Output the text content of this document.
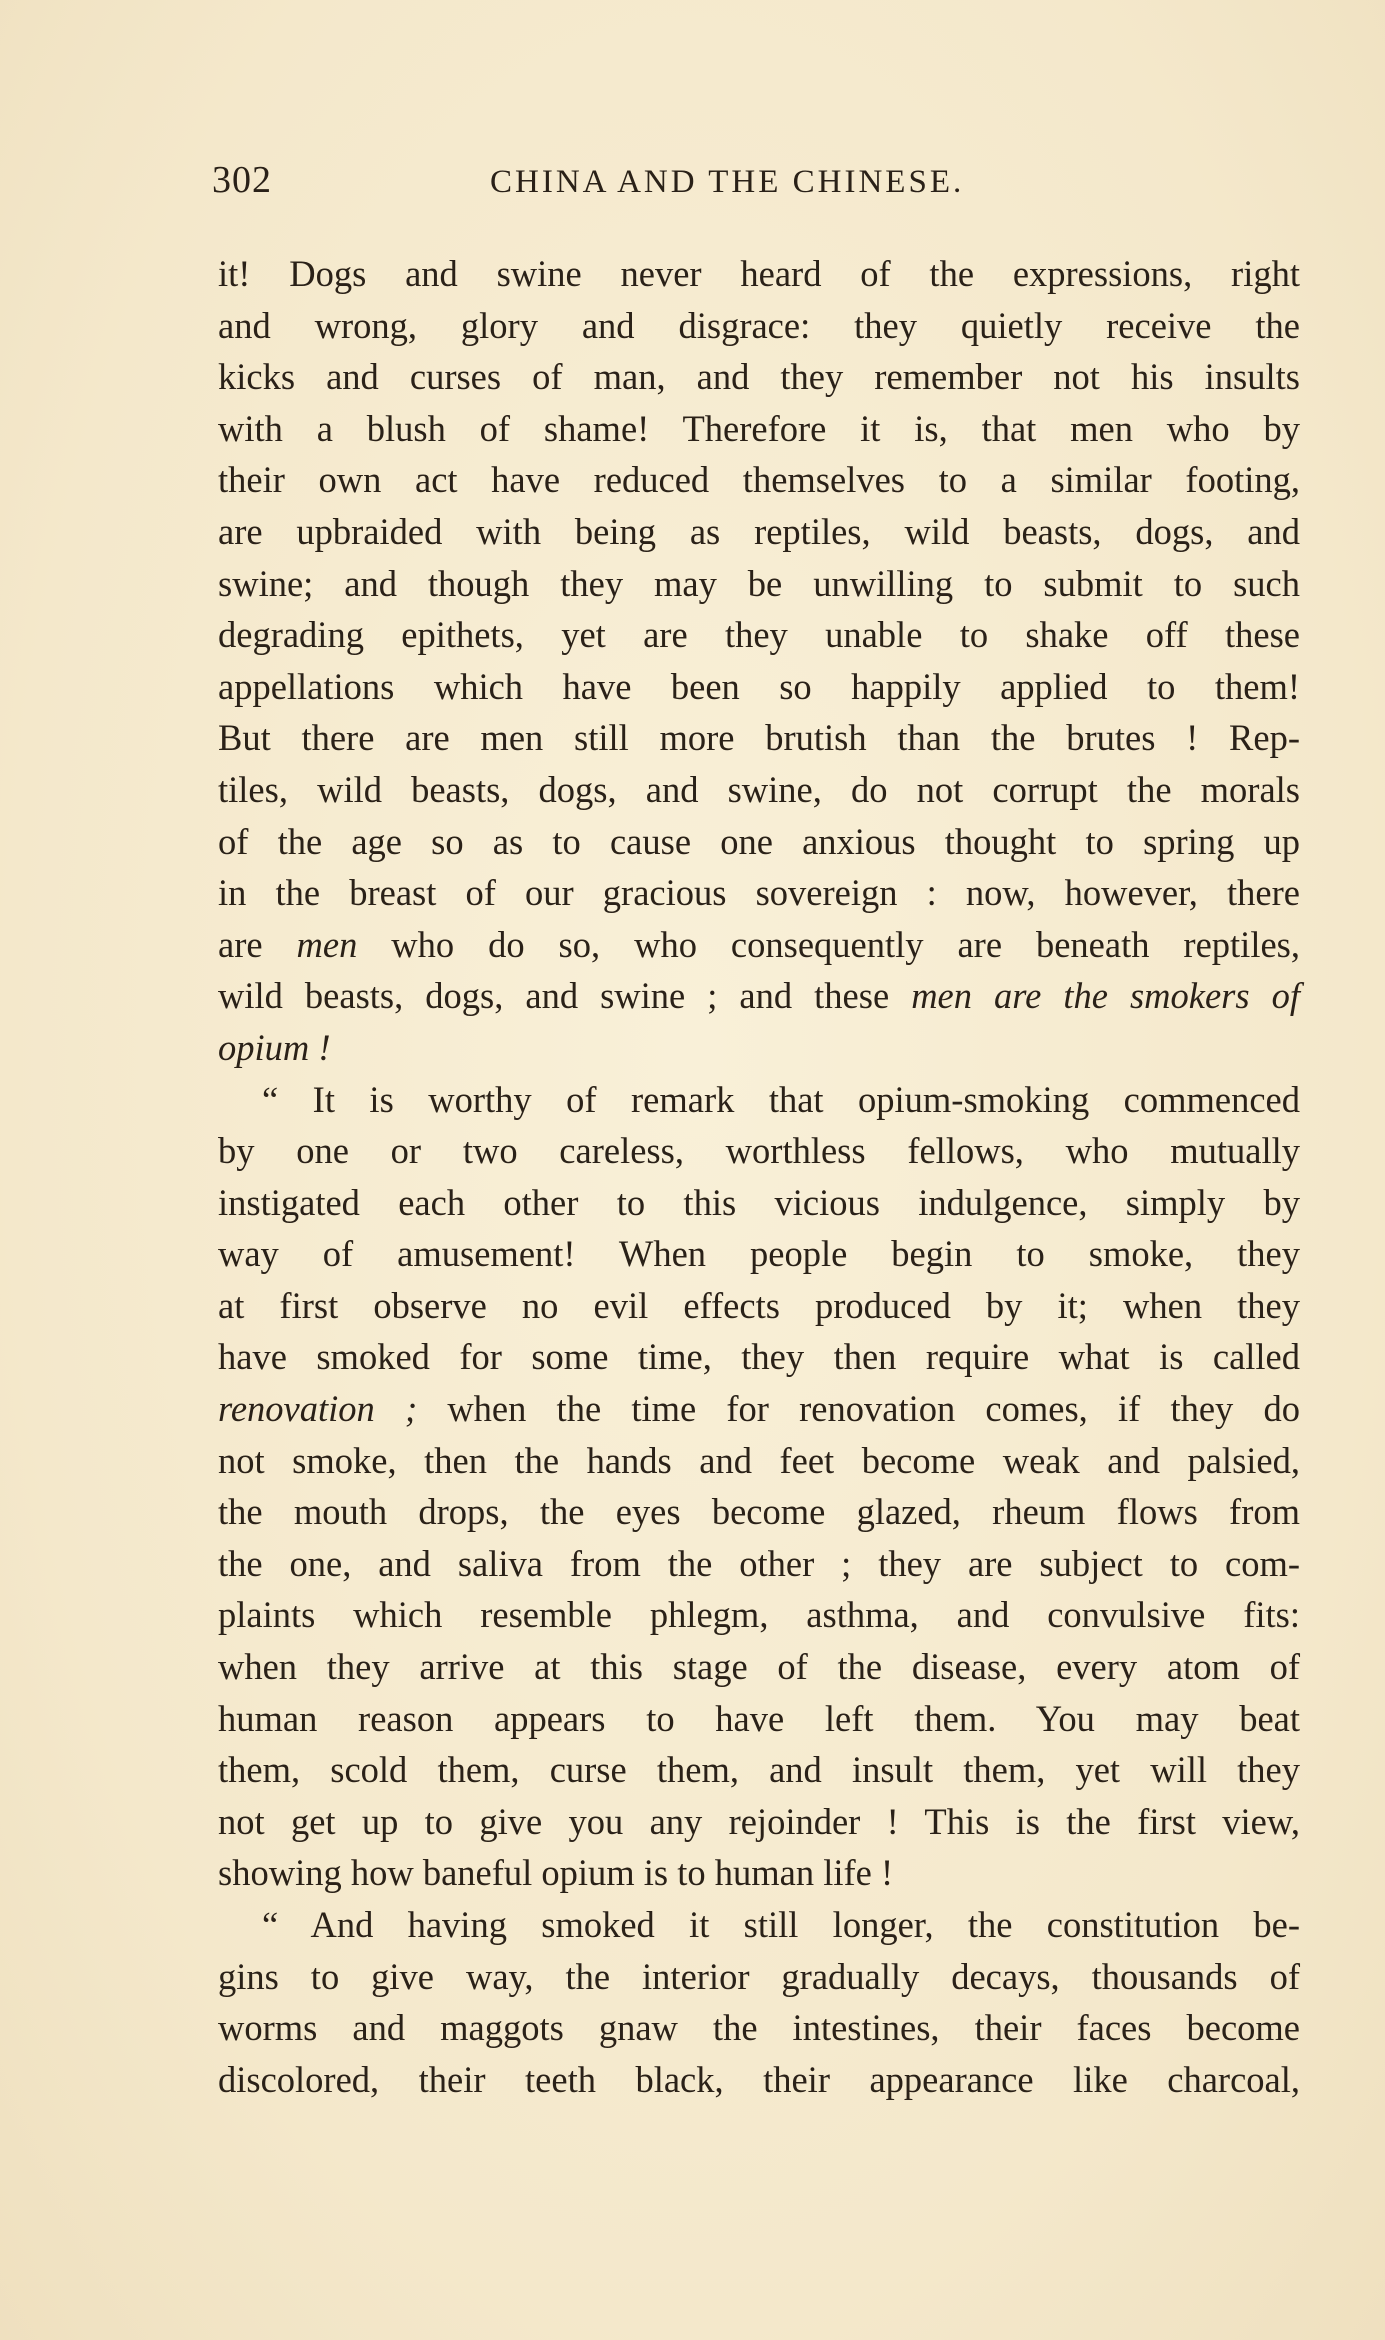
302	CHINA AND THE CHINESE.
it! Dogs and swine never heard of the expressions, right
and wrong, glory and disgrace: they quietly receive the
kicks and curses of man, and they remember not his insults
with a blush of shame! Therefore it is, that men who by
their own act have reduced themselves to a similar footing,
are upbraided with being as reptiles, wild beasts, dogs, and
swine; and though they may be unwilling to submit to such
degrading epithets, yet are they unable to shake off these
appellations which have been so happily applied to them!
But there are men still more brutish than the brutes ! Rep-
tiles, wild beasts, dogs, and swine, do not corrupt the morals
of the age so as to cause one anxious thought to spring up
in the breast of our gracious sovereign : now, however, there
are men who do so, who consequently are beneath reptiles,
wild beasts, dogs, and swine ; and these men are the smokers of
opium !
“ It is worthy of remark that opium-smoking commenced
by one or two careless, worthless fellows, who mutually
instigated each other to this vicious indulgence, simply by
way of amusement! When people begin to smoke, they
at first observe no evil effects produced by it; when they
have smoked for some time, they then require what is called
renovation ; when the time for renovation comes, if they do
not smoke, then the hands and feet become weak and palsied,
the mouth drops, the eyes become glazed, rheum flows from
the one, and saliva from the other ; they are subject to com-
plaints which resemble phlegm, asthma, and convulsive fits:
when they arrive at this stage of the disease, every atom of
human reason appears to have left them. You may beat
them, scold them, curse them, and insult them, yet will they
not get up to give you any rejoinder ! This is the first view,
showing how baneful opium is to human life !
“ And having smoked it still longer, the constitution be-
gins to give way, the interior gradually decays, thousands of
worms and maggots gnaw the intestines, their faces become
discolored, their teeth black, their appearance like charcoal,
